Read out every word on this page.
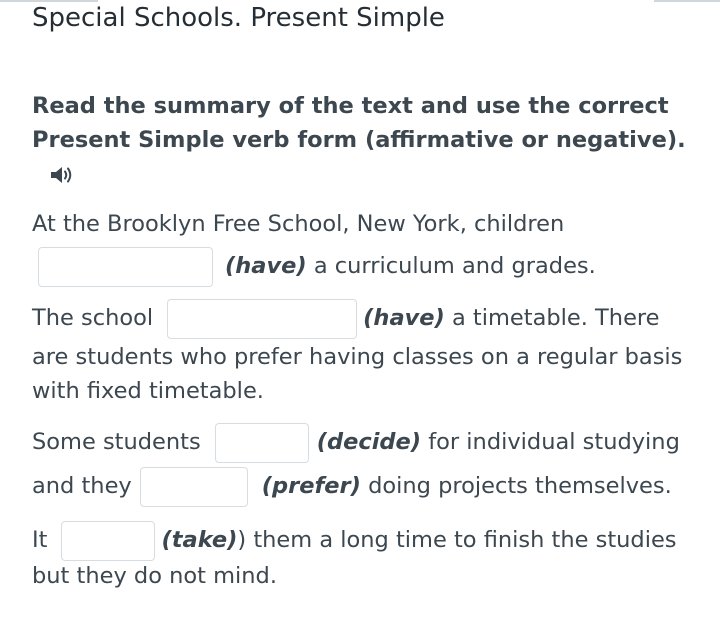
Special Schools. Present Simple

Read the summary of the text and use the correct Present Simple verb form (affirmative or negative).

At the Brooklyn Free School, New York, children
(have) a curriculum and grades.
The school	(have) a timetable. There
are students who prefer having classes on a regular basis with fixed timetable.
Some students	(decide) for individual studying
and they	(prefer) doing projects themselves.
It	(take)) them a long time to finish the studies
but they do not mind.
